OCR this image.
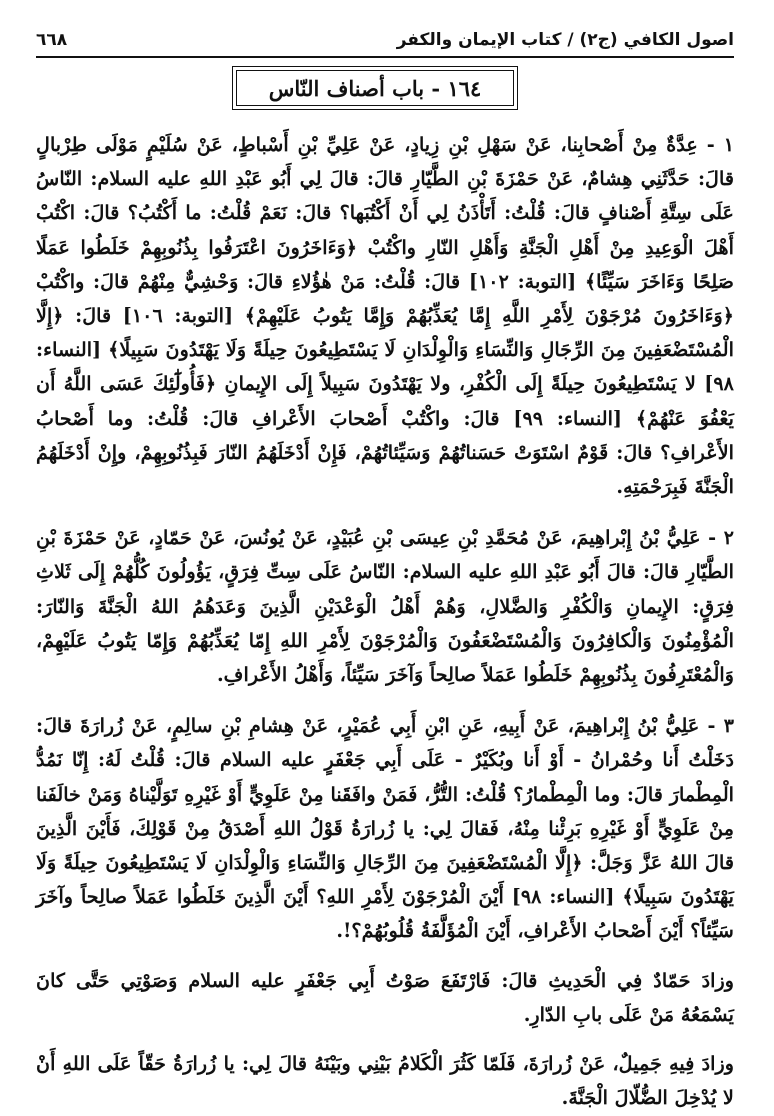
اصول الكافي (ج٢) / كتاب الإيمان والكفر
٦٦٨
١٦٤ - باب أصناف النّاس

١ - عِدَّةٌ مِنْ أَصْحابِنا، عَنْ سَهْلِ بْنِ زِيادٍ، عَنْ عَلِيِّ بْنِ أَسْباطٍ، عَنْ سُلَيْمٍ مَوْلَى طِرْبالٍ قالَ: حَدَّثَنِي هِشامٌ، عَنْ حَمْزَةَ بْنِ الطَّيّارِ قالَ: قالَ لِي أَبُو عَبْدِ اللهِ عليه السلام: النّاسُ عَلَى سِتَّةِ أَصْنافٍ قالَ: قُلْتُ: أَتَأْذَنُ لِي أَنْ أَكْتُبَها؟ قالَ: نَعَمْ قُلْتُ: ما أَكْتُبُ؟ قالَ: اكْتُبْ أَهْلَ الْوَعِيدِ مِنْ أَهْلِ الْجَنَّةِ وَأَهْلِ النّارِ واكْتُبْ ﴿وَءَاخَرُونَ اعْتَرَفُوا بِذُنُوبِهِمْ خَلَطُوا عَمَلًا صَلِحًا وَءَاخَرَ سَيِّئًا﴾ [التوبة: ١٠٢] قالَ: قُلْتُ: مَنْ هٰؤُلاءِ قالَ: وَحْشِيٌّ مِنْهُمْ قالَ: واكْتُبْ ﴿وَءَاخَرُونَ مُرْجَوْنَ لِأَمْرِ اللَّهِ إِمَّا يُعَذِّبُهُمْ وَإِمَّا يَتُوبُ عَلَيْهِمْ﴾ [التوبة: ١٠٦] قالَ: ﴿إِلَّا الْمُسْتَضْعَفِينَ مِنَ الرِّجَالِ وَالنِّسَاءِ وَالْوِلْدَانِ لَا يَسْتَطِيعُونَ حِيلَةً وَلَا يَهْتَدُونَ سَبِيلًا﴾ [النساء: ٩٨] لا يَسْتَطِيعُونَ حِيلَةً إِلَى الْكُفْرِ، ولا يَهْتَدُونَ سَبِيلاً إِلَى الإِيمانِ ﴿فَأُولَٰٓئِكَ عَسَى اللَّهُ أَن يَعْفُوَ عَنْهُمْ﴾ [النساء: ٩٩] قالَ: واكْتُبْ أَصْحابَ الأَعْرافِ قالَ: قُلْتُ: وما أَصْحابُ الأَعْرافِ؟ قالَ: قَوْمٌ اسْتَوَتْ حَسَناتُهُمْ وَسَيِّئاتُهُمْ، فَإِنْ أَدْخَلَهُمُ النّارَ فَبِذُنُوبِهِمْ، وإِنْ أَدْخَلَهُمُ الْجَنَّةَ فَبِرَحْمَتِهِ.

٢ - عَلِيُّ بْنُ إِبْراهِيمَ، عَنْ مُحَمَّدِ بْنِ عِيسَى بْنِ عُبَيْدٍ، عَنْ يُونُسَ، عَنْ حَمّادٍ، عَنْ حَمْزَةَ بْنِ الطَّيّارِ قالَ: قالَ أَبُو عَبْدِ اللهِ عليه السلام: النّاسُ عَلَى سِتِّ فِرَقٍ، يَؤُولُونَ كُلُّهُمْ إِلَى ثَلاثِ فِرَقٍ: الإِيمانِ وَالْكُفْرِ وَالضَّلالِ، وَهُمْ أَهْلُ الْوَعْدَيْنِ الَّذِينَ وَعَدَهُمُ اللهُ الْجَنَّةَ وَالنّارَ: الْمُؤْمِنُونَ وَالْكافِرُونَ وَالْمُسْتَضْعَفُونَ وَالْمُرْجَوْنَ لِأَمْرِ اللهِ إِمّا يُعَذِّبُهُمْ وَإِمّا يَتُوبُ عَلَيْهِمْ، وَالْمُعْتَرِفُونَ بِذُنُوبِهِمْ خَلَطُوا عَمَلاً صالِحاً وَآخَرَ سَيِّئاً، وَأَهْلُ الأَعْرافِ.

٣ - عَلِيُّ بْنُ إِبْراهِيمَ، عَنْ أَبِيهِ، عَنِ ابْنِ أَبِي عُمَيْرٍ، عَنْ هِشامِ بْنِ سالِمٍ، عَنْ زُرارَةَ قالَ: دَخَلْتُ أَنا وحُمْرانُ - أَوْ أَنا وبُكَيْرٌ - عَلَى أَبِي جَعْفَرٍ عليه السلام قالَ: قُلْتُ لَهُ: إِنّا نَمُدُّ الْمِطْمارَ قالَ: وما الْمِطْمارُ؟ قُلْتُ: التُّرُّ، فَمَنْ وافَقَنا مِنْ عَلَوِيٍّ أَوْ غَيْرِهِ تَوَلَّيْناهُ وَمَنْ خالَفَنا مِنْ عَلَوِيٍّ أَوْ غَيْرِهِ بَرِئْنا مِنْهُ، فَقالَ لِي: يا زُرارَةُ قَوْلُ اللهِ أَصْدَقُ مِنْ قَوْلِكَ، فَأَيْنَ الَّذِينَ قالَ اللهُ عَزَّ وَجَلَّ: ﴿إِلَّا الْمُسْتَضْعَفِينَ مِنَ الرِّجَالِ وَالنِّسَاءِ وَالْوِلْدَانِ لَا يَسْتَطِيعُونَ حِيلَةً وَلَا يَهْتَدُونَ سَبِيلًا﴾ [النساء: ٩٨] أَيْنَ الْمُرْجَوْنَ لِأَمْرِ اللهِ؟ أَيْنَ الَّذِينَ خَلَطُوا عَمَلاً صالِحاً وآخَرَ سَيِّئاً؟ أَيْنَ أَصْحابُ الأَعْرافِ، أَيْنَ الْمُؤَلَّفَةُ قُلُوبُهُمْ؟!.

وزادَ حَمّادٌ فِي الْحَدِيثِ قالَ: فَارْتَفَعَ صَوْتُ أَبِي جَعْفَرٍ عليه السلام وَصَوْتِي حَتَّى كانَ يَسْمَعُهُ مَنْ عَلَى بابِ الدّارِ.

وزادَ فِيهِ جَمِيلٌ، عَنْ زُرارَةَ، فَلَمّا كَثُرَ الْكَلامُ بَيْنِي وبَيْنَهُ قالَ لِي: يا زُرارَةُ حَقّاً عَلَى اللهِ أَنْ لا يُدْخِلَ الضُّلّالَ الْجَنَّةَ.
